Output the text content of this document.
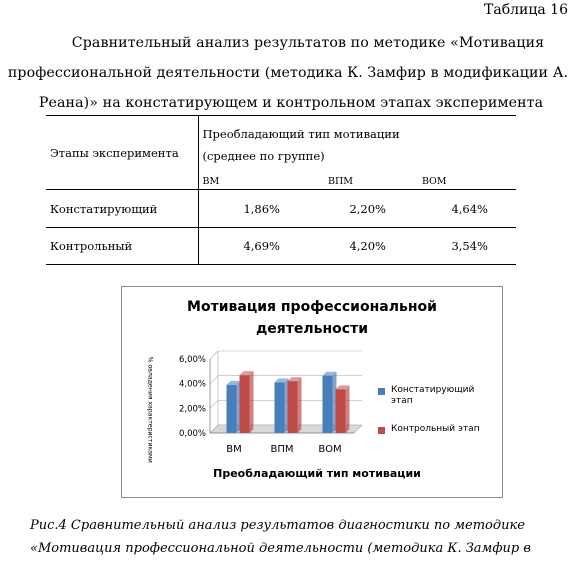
Таблица 16
Сравнительный анализ результатов по методике «Мотивация
профессиональной деятельности (методика К. Замфир в модификации А.
Реана)» на констатирующем и контрольном этапах эксперимента
Этапы эксперимента	Преобладающий тип мотивации
(среднее по группе)		

	ВМ	ВПМ	ВОМ
Констатирующий	1,86%	2,20%	4,64%
Контрольный	4,69%	4,20%	3,54%
Мотивация профессиональной
деятельности
0,00%
2,00%
4,00%
6,00%
ВМ	ВПМ ВОМ
% овладения характеристиками
Преобладающий тип мотивации
Констатирующий этап
Контрольный этап
Рис.4 Сравнительный анализ результатов диагностики по методике
«Мотивация профессиональной деятельности (методика К. Замфир в
